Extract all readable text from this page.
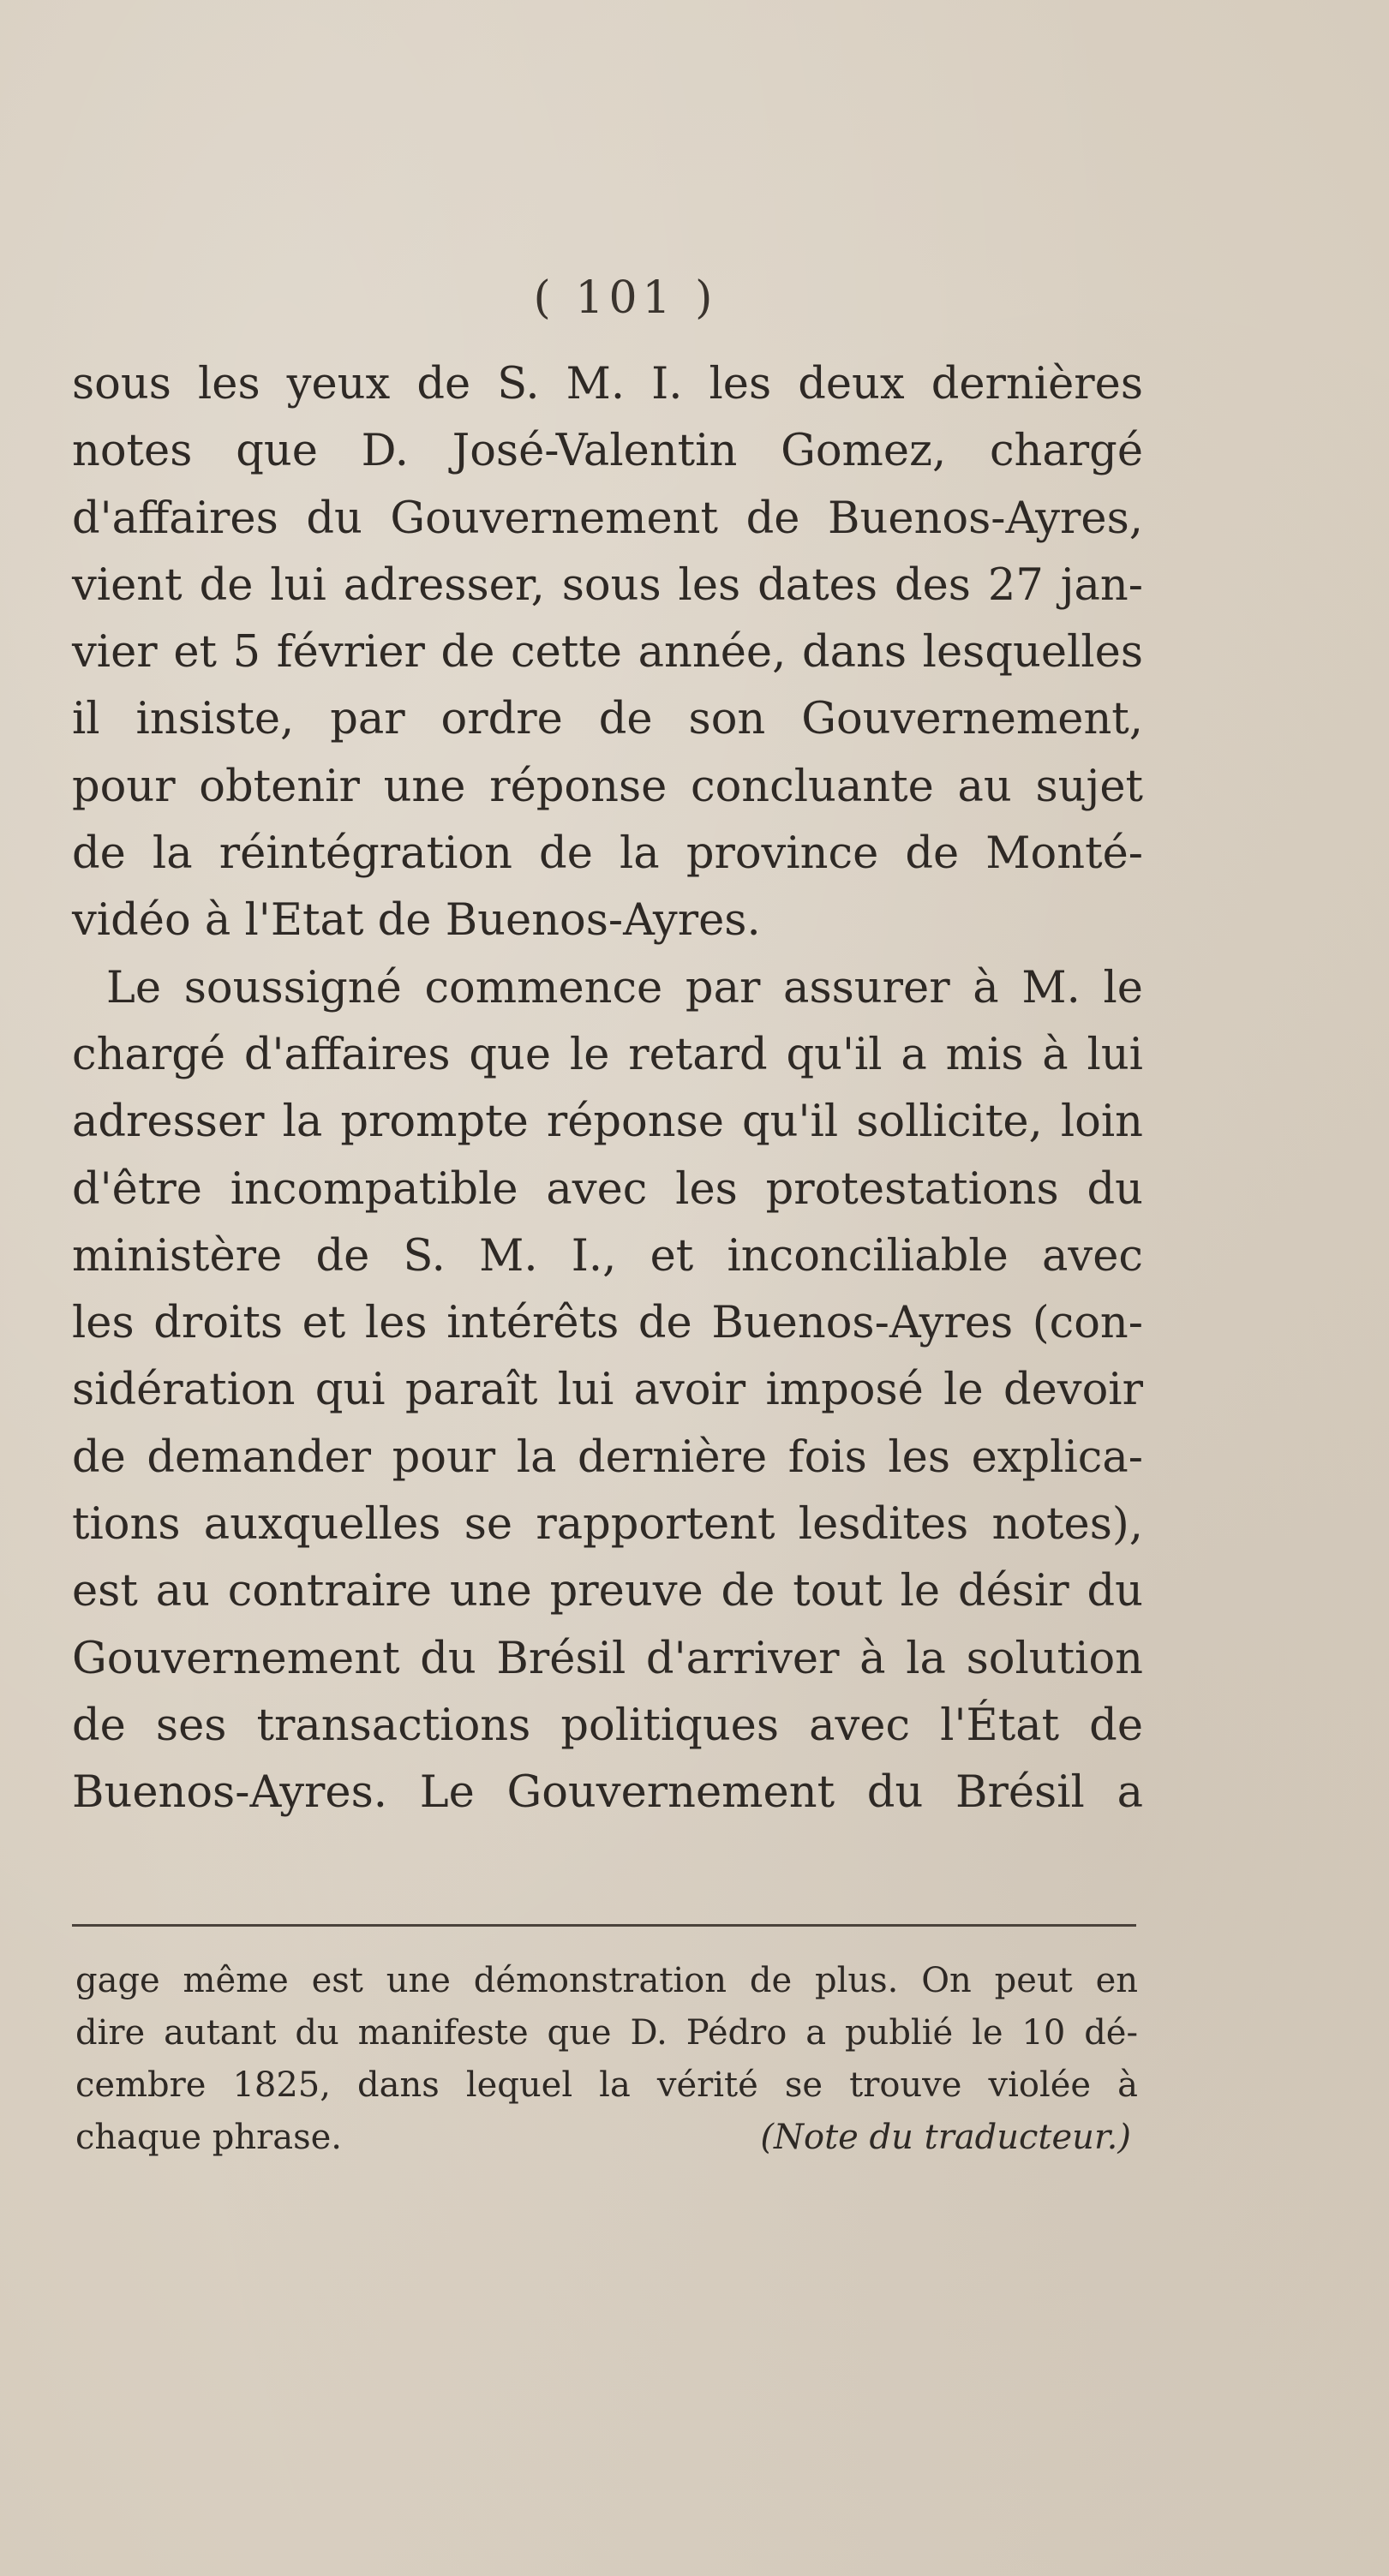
( 101 )
sous les yeux de S. M. I. les deux dernières
notes que D. José-Valentin Gomez, chargé
d'affaires du Gouvernement de Buenos-Ayres,
vient de lui adresser, sous les dates des 27 jan-
vier et 5 février de cette année, dans lesquelles
il insiste, par ordre de son Gouvernement,
pour obtenir une réponse concluante au sujet
de la réintégration de la province de Monté-
vidéo à l'Etat de Buenos-Ayres.
Le soussigné commence par assurer à M. le
chargé d'affaires que le retard qu'il a mis à lui
adresser la prompte réponse qu'il sollicite, loin
d'être incompatible avec les protestations du
ministère de S. M. I., et inconciliable avec
les droits et les intérêts de Buenos-Ayres (con-
sidération qui paraît lui avoir imposé le devoir
de demander pour la dernière fois les explica-
tions auxquelles se rapportent lesdites notes),
est au contraire une preuve de tout le désir du
Gouvernement du Brésil d'arriver à la solution
de ses transactions politiques avec l'État de
Buenos-Ayres. Le Gouvernement du Brésil a
gage même est une démonstration de plus. On peut en
dire autant du manifeste que D. Pédro a publié le 10 dé-
cembre 1825, dans lequel la vérité se trouve violée à
chaque phrase.	(Note du traducteur.)
